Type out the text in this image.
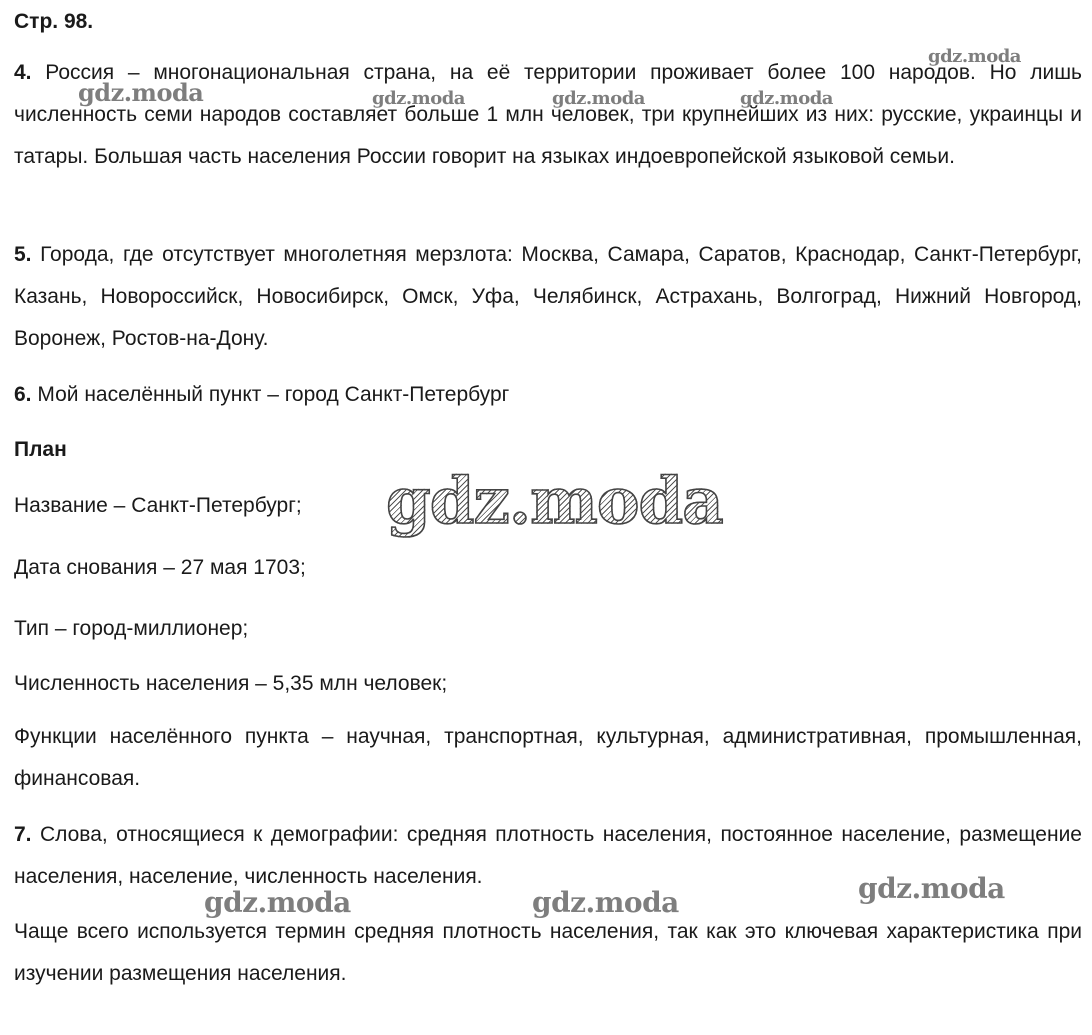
Стр. 98.

4. Россия – многонациональная страна, на её территории проживает более 100 народов. Но лишь численность семи народов составляет больше 1 млн человек, три крупнейших из них: русские, украинцы и татары. Большая часть населения России говорит на языках индоевропейской языковой семьи.

5. Города, где отсутствует многолетняя мерзлота: Москва, Самара, Саратов, Краснодар, Санкт-Петербург, Казань, Новороссийск, Новосибирск, Омск, Уфа, Челябинск, Астрахань, Волгоград, Нижний Новгород, Воронеж, Ростов-на-Дону.

6. Мой населённый пункт – город Санкт-Петербург
План
Название – Санкт-Петербург;
Дата снования – 27 мая 1703;
Тип – город-миллионер;
Численность населения – 5,35 млн человек;

Функции населённого пункта – научная, транспортная, культурная, административная, промышленная, финансовая.

7. Слова, относящиеся к демографии: средняя плотность населения, постоянное население, размещение населения, население, численность населения.

Чаще всего используется термин средняя плотность населения, так как это ключевая характеристика при изучении размещения населения.

gdz.moda
gdz.moda	gdz.moda	gdz.moda	gdz.moda
gdz.moda
gdz.moda
gdz.moda	gdz.moda
